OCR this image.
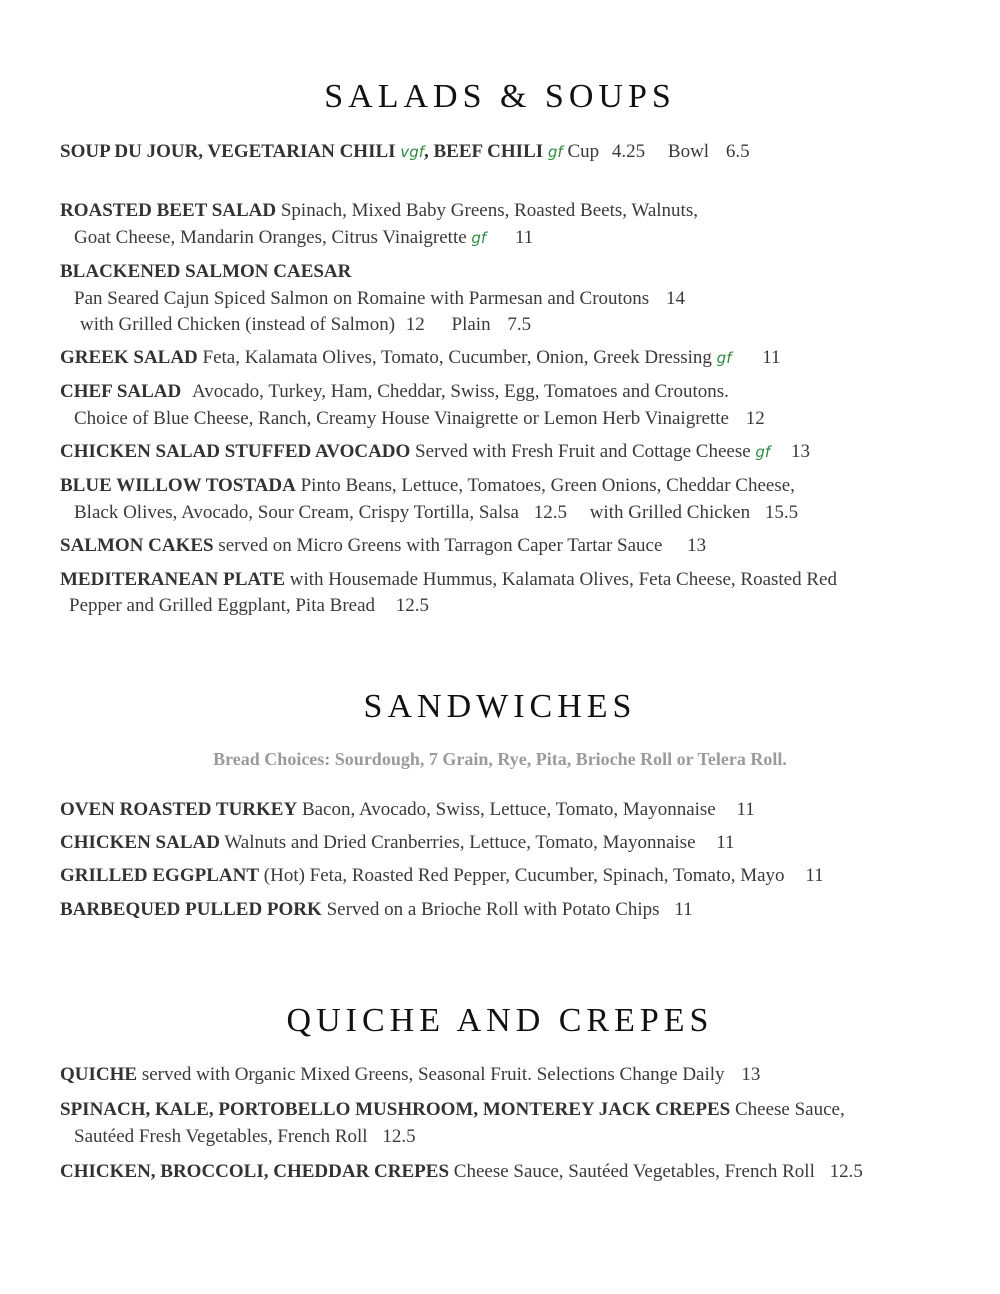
SALADS & SOUPS
SOUP DU JOUR, VEGETARIAN CHILI vgf, BEEF CHILI gf Cup 4.25 Bowl 6.5
ROASTED BEET SALAD Spinach, Mixed Baby Greens, Roasted Beets, Walnuts,
Goat Cheese, Mandarin Oranges, Citrus Vinaigrette gf 11
BLACKENED SALMON CAESAR
Pan Seared Cajun Spiced Salmon on Romaine with Parmesan and Croutons 14
with Grilled Chicken (instead of Salmon) 12 Plain 7.5
GREEK SALAD Feta, Kalamata Olives, Tomato, Cucumber, Onion, Greek Dressing gf 11
CHEF SALAD Avocado, Turkey, Ham, Cheddar, Swiss, Egg, Tomatoes and Croutons.
Choice of Blue Cheese, Ranch, Creamy House Vinaigrette or Lemon Herb Vinaigrette 12
CHICKEN SALAD STUFFED AVOCADO Served with Fresh Fruit and Cottage Cheese gf 13
BLUE WILLOW TOSTADA Pinto Beans, Lettuce, Tomatoes, Green Onions, Cheddar Cheese,
Black Olives, Avocado, Sour Cream, Crispy Tortilla, Salsa 12.5 with Grilled Chicken 15.5
SALMON CAKES served on Micro Greens with Tarragon Caper Tartar Sauce 13
MEDITERANEAN PLATE with Housemade Hummus, Kalamata Olives, Feta Cheese, Roasted Red
Pepper and Grilled Eggplant, Pita Bread 12.5
SANDWICHES
Bread Choices: Sourdough, 7 Grain, Rye, Pita, Brioche Roll or Telera Roll.
OVEN ROASTED TURKEY Bacon, Avocado, Swiss, Lettuce, Tomato, Mayonnaise 11
CHICKEN SALAD Walnuts and Dried Cranberries, Lettuce, Tomato, Mayonnaise 11
GRILLED EGGPLANT (Hot) Feta, Roasted Red Pepper, Cucumber, Spinach, Tomato, Mayo 11
BARBEQUED PULLED PORK Served on a Brioche Roll with Potato Chips 11
QUICHE AND CREPES
QUICHE served with Organic Mixed Greens, Seasonal Fruit. Selections Change Daily 13
SPINACH, KALE, PORTOBELLO MUSHROOM, MONTEREY JACK CREPES Cheese Sauce,
Sautéed Fresh Vegetables, French Roll 12.5
CHICKEN, BROCCOLI, CHEDDAR CREPES Cheese Sauce, Sautéed Vegetables, French Roll 12.5
